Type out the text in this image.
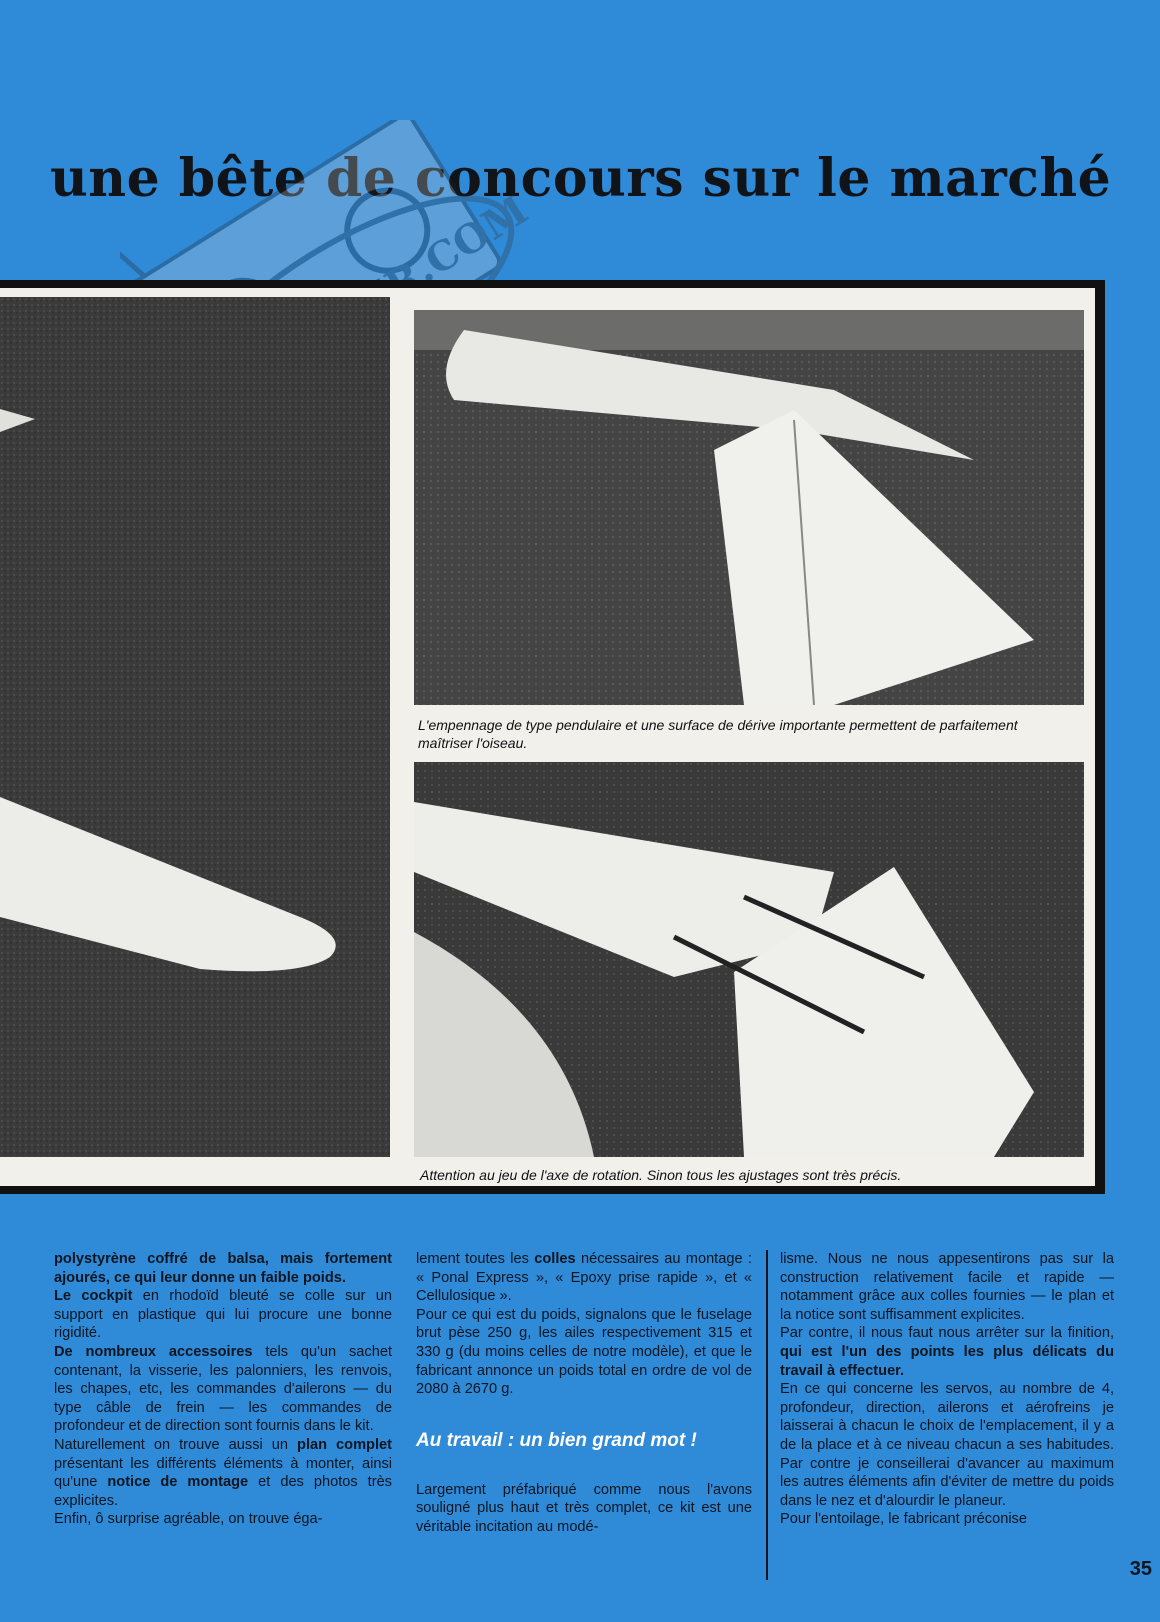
une bête de concours sur le marché
L'empennage de type pendulaire et une surface de dérive importante permettent de parfaitement maîtriser l'oiseau.
Attention au jeu de l'axe de rotation. Sinon tous les ajustages sont très précis.

polystyrène coffré de balsa, mais fortement ajourés, ce qui leur donne un faible poids.

Le cockpit en rhodoïd bleuté se colle sur un support en plastique qui lui procure une bonne rigidité.

De nombreux accessoires tels qu'un sachet contenant, la visserie, les palonniers, les renvois, les chapes, etc, les commandes d'ailerons — du type câble de frein — les commandes de profondeur et de direction sont fournis dans le kit.

Naturellement on trouve aussi un plan complet présentant les différents éléments à monter, ainsi qu'une notice de montage et des photos très explicites.

Enfin, ô surprise agréable, on trouve éga-

lement toutes les colles nécessaires au montage : « Ponal Express », « Epoxy prise rapide », et « Cellulosique ».

Pour ce qui est du poids, signalons que le fuselage brut pèse 250 g, les ailes respectivement 315 et 330 g (du moins celles de notre modèle), et que le fabricant annonce un poids total en ordre de vol de 2080 à 2670 g.

Au travail : un bien grand mot !

Largement préfabriqué comme nous l'avons souligné plus haut et très complet, ce kit est une véritable incitation au modé-

lisme. Nous ne nous appesentirons pas sur la construction relativement facile et rapide — notamment grâce aux colles fournies — le plan et la notice sont suffisamment explicites.

Par contre, il nous faut nous arrêter sur la finition, qui est l'un des points les plus délicats du travail à effectuer.

En ce qui concerne les servos, au nombre de 4, profondeur, direction, ailerons et aérofreins je laisserai à chacun le choix de l'emplacement, il y a de la place et à ce niveau chacun a ses habitudes. Par contre je conseillerai d'avancer au maximum les autres éléments afin d'éviter de mettre du poids dans le nez et d'alourdir le planeur.

Pour l'entoilage, le fabricant préconise

35
